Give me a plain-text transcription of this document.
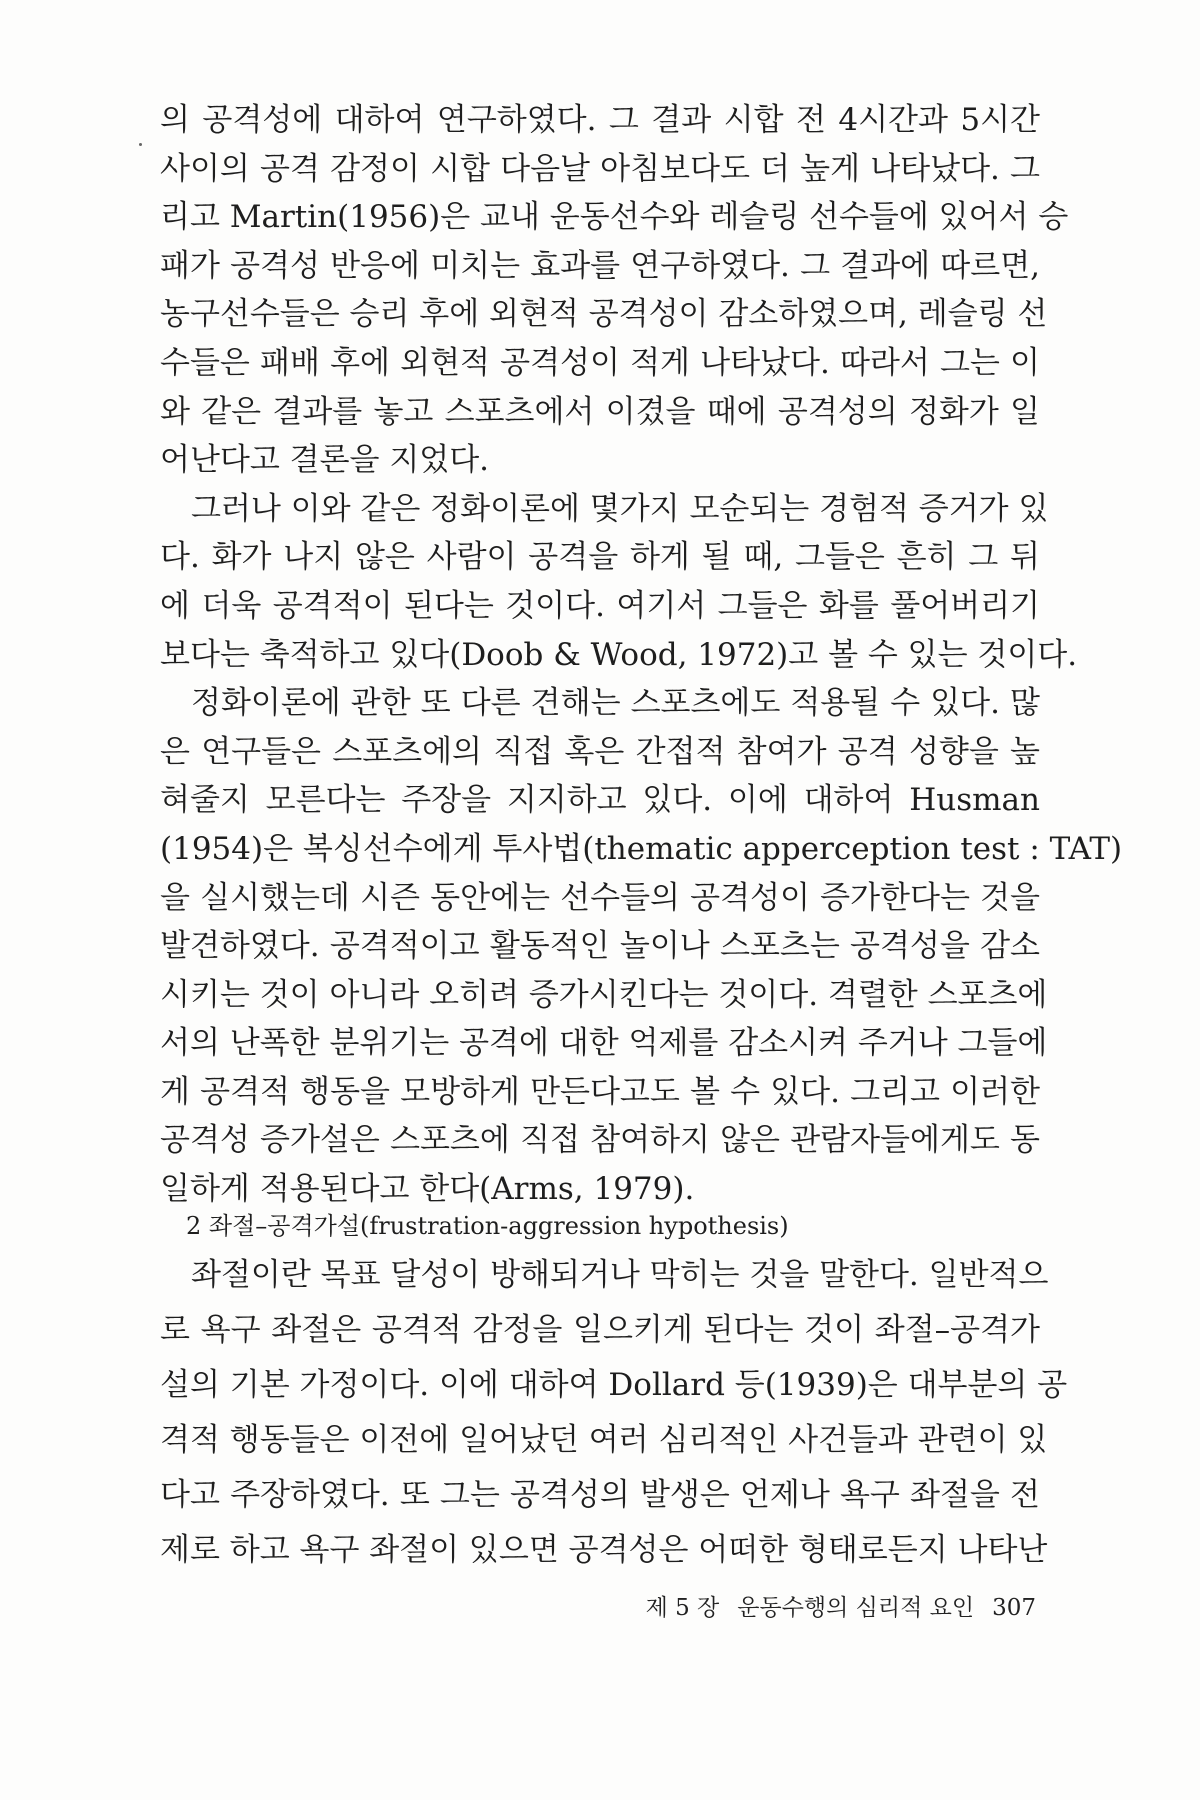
의 공격성에 대하여 연구하였다. 그 결과 시합 전 4시간과 5시간
사이의 공격 감정이 시합 다음날 아침보다도 더 높게 나타났다. 그
리고 Martin(1956)은 교내 운동선수와 레슬링 선수들에 있어서 승
패가 공격성 반응에 미치는 효과를 연구하였다. 그 결과에 따르면,
농구선수들은 승리 후에 외현적 공격성이 감소하였으며, 레슬링 선
수들은 패배 후에 외현적 공격성이 적게 나타났다. 따라서 그는 이
와 같은 결과를 놓고 스포츠에서 이겼을 때에 공격성의 정화가 일
어난다고 결론을 지었다.
그러나 이와 같은 정화이론에 몇가지 모순되는 경험적 증거가 있
다. 화가 나지 않은 사람이 공격을 하게 될 때, 그들은 흔히 그 뒤
에 더욱 공격적이 된다는 것이다. 여기서 그들은 화를 풀어버리기
보다는 축적하고 있다(Doob & Wood, 1972)고 볼 수 있는 것이다.
정화이론에 관한 또 다른 견해는 스포츠에도 적용될 수 있다. 많
은 연구들은 스포츠에의 직접 혹은 간접적 참여가 공격 성향을 높
혀줄지 모른다는 주장을 지지하고 있다. 이에 대하여 Husman
(1954)은 복싱선수에게 투사법(thematic apperception test : TAT)
을 실시했는데 시즌 동안에는 선수들의 공격성이 증가한다는 것을
발견하였다. 공격적이고 활동적인 놀이나 스포츠는 공격성을 감소
시키는 것이 아니라 오히려 증가시킨다는 것이다. 격렬한 스포츠에
서의 난폭한 분위기는 공격에 대한 억제를 감소시켜 주거나 그들에
게 공격적 행동을 모방하게 만든다고도 볼 수 있다. 그리고 이러한
공격성 증가설은 스포츠에 직접 참여하지 않은 관람자들에게도 동
일하게 적용된다고 한다(Arms, 1979).
2 좌절–공격가설(frustration-aggression hypothesis)
좌절이란 목표 달성이 방해되거나 막히는 것을 말한다. 일반적으
로 욕구 좌절은 공격적 감정을 일으키게 된다는 것이 좌절–공격가
설의 기본 가정이다. 이에 대하여 Dollard 등(1939)은 대부분의 공
격적 행동들은 이전에 일어났던 여러 심리적인 사건들과 관련이 있
다고 주장하였다. 또 그는 공격성의 발생은 언제나 욕구 좌절을 전
제로 하고 욕구 좌절이 있으면 공격성은 어떠한 형태로든지 나타난
제 5 장 운동수행의 심리적 요인 307
